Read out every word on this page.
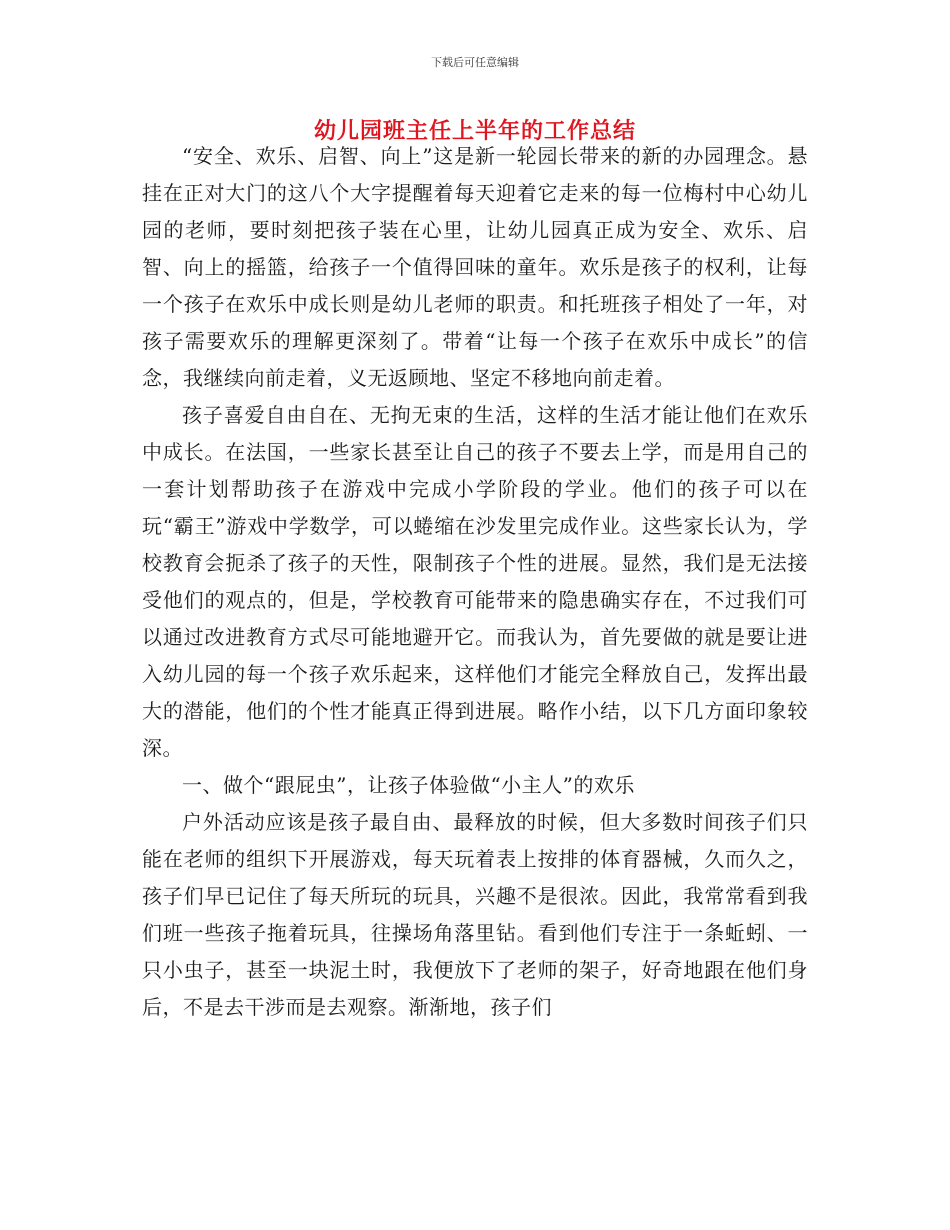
下载后可任意编辑
幼儿园班主任上半年的工作总结

“安全、欢乐、启智、向上”这是新一轮园长带来的新的办园理念。悬挂在正对大门的这八个大字提醒着每天迎着它走来的每一位梅村中心幼儿园的老师，要时刻把孩子装在心里，让幼儿园真正成为安全、欢乐、启智、向上的摇篮，给孩子一个值得回味的童年。欢乐是孩子的权利，让每一个孩子在欢乐中成长则是幼儿老师的职责。和托班孩子相处了一年，对孩子需要欢乐的理解更深刻了。带着“让每一个孩子在欢乐中成长”的信念，我继续向前走着，义无返顾地、坚定不移地向前走着。

孩子喜爱自由自在、无拘无束的生活，这样的生活才能让他们在欢乐中成长。在法国，一些家长甚至让自己的孩子不要去上学，而是用自己的一套计划帮助孩子在游戏中完成小学阶段的学业。他们的孩子可以在玩“霸王”游戏中学数学，可以蜷缩在沙发里完成作业。这些家长认为，学校教育会扼杀了孩子的天性，限制孩子个性的进展。显然，我们是无法接受他们的观点的，但是，学校教育可能带来的隐患确实存在，不过我们可以通过改进教育方式尽可能地避开它。而我认为，首先要做的就是要让进入幼儿园的每一个孩子欢乐起来，这样他们才能完全释放自己，发挥出最大的潜能，他们的个性才能真正得到进展。略作小结，以下几方面印象较深。

一、做个“跟屁虫”，让孩子体验做“小主人”的欢乐

户外活动应该是孩子最自由、最释放的时候，但大多数时间孩子们只能在老师的组织下开展游戏，每天玩着表上按排的体育器械，久而久之，孩子们早已记住了每天所玩的玩具，兴趣不是很浓。因此，我常常看到我们班一些孩子拖着玩具，往操场角落里钻。看到他们专注于一条蚯蚓、一只小虫子，甚至一块泥土时，我便放下了老师的架子，好奇地跟在他们身后，不是去干涉而是去观察。渐渐地，孩子们
